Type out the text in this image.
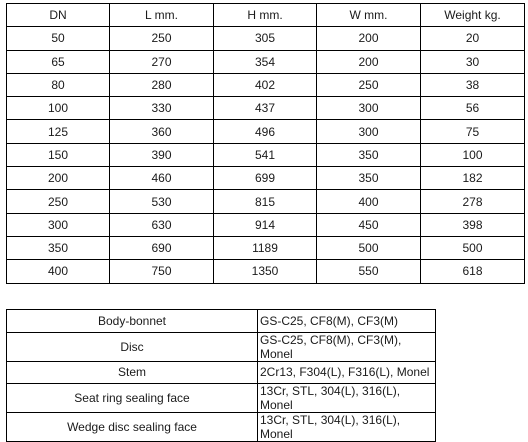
DN	L mm.	H mm.	W mm.	Weight kg.
50	250	305	200	20
65	270	354	200	30
80	280	402	250	38
100	330	437	300	56
125	360	496	300	75
150	390	541	350	100
200	460	699	350	182
250	530	815	400	278
300	630	914	450	398
350	690	1189	500	500
400	750	1350	550	618
Body-bonnet	GS-C25, CF8(M), CF3(M)
Disc	GS-C25, CF8(M), CF3(M), Monel
Stem	2Cr13, F304(L), F316(L), Monel
Seat ring sealing face	13Cr, STL, 304(L), 316(L), Monel
Wedge disc sealing face	13Cr, STL, 304(L), 316(L), Monel
